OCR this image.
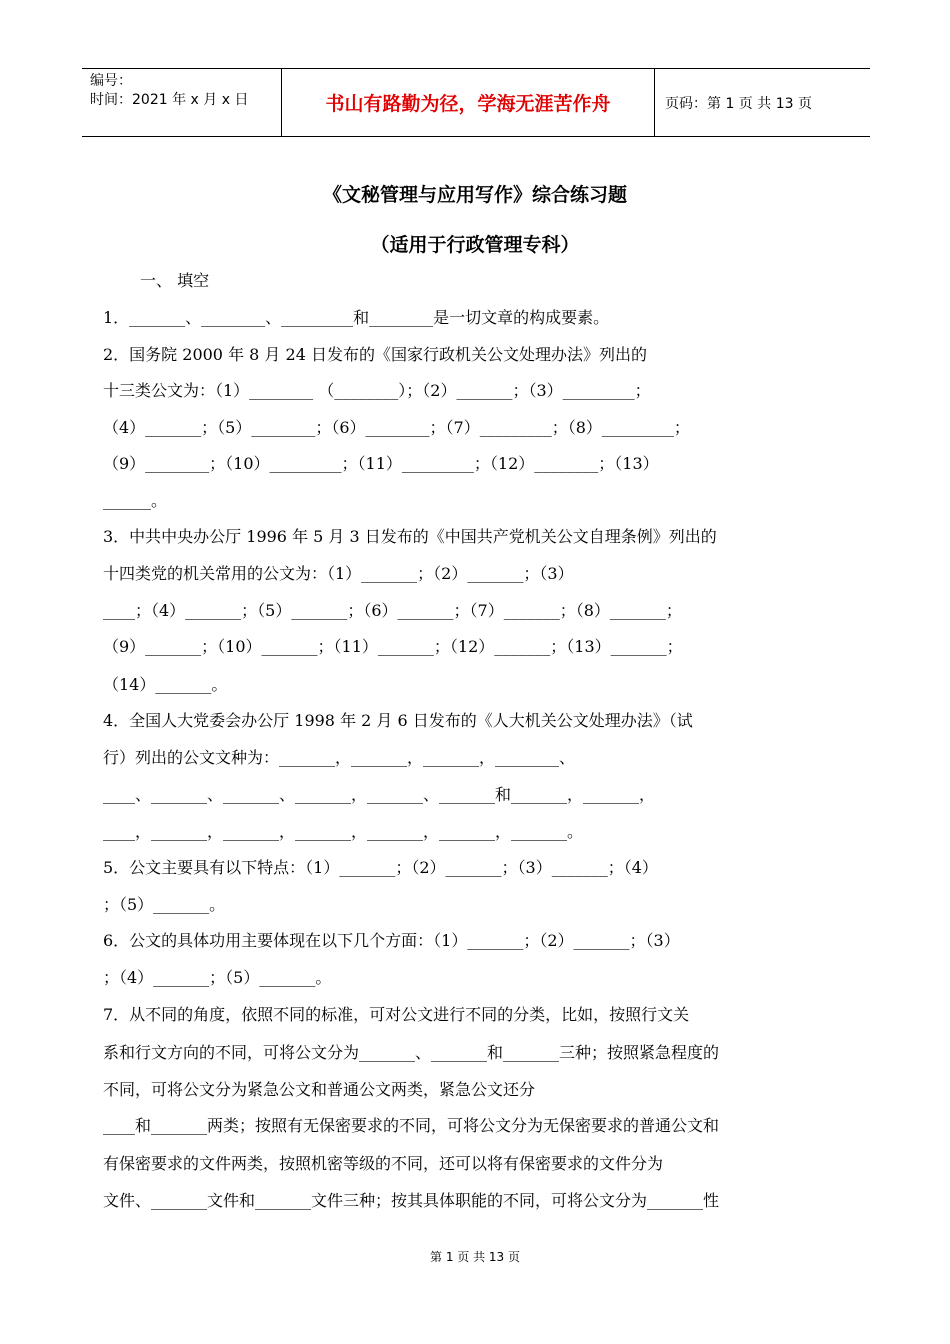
编号：
时间：2021 年 x 月 x 日	书山有路勤为径，学海无涯苦作舟	页码：第 1 页 共 13 页
《文秘管理与应用写作》综合练习题
（适用于行政管理专科）
一、 填空
1．_______、________、_________和________是一切文章的构成要素。
2．国务院 2000 年 8 月 24 日发布的《国家行政机关公文处理办法》列出的
十三类公文为：（1）________ （________）；（2）_______；（3）_________；
（4）_______；（5）________；（6）________；（7）_________；（8）_________；
（9）________；（10）_________；（11）_________；（12）________；（13）
______。
3．中共中央办公厅 1996 年 5 月 3 日发布的《中国共产党机关公文自理条例》列出的
十四类党的机关常用的公文为：（1）_______；（2）_______；（3）
____；（4）_______；（5）_______；（6）_______；（7）_______；（8）_______；
（9）_______；（10）_______；（11）_______；（12）_______；（13）_______；
（14）_______。
4．全国人大党委会办公厅 1998 年 2 月 6 日发布的《人大机关公文处理办法》（试
行）列出的公文文种为：_______，_______，_______，________、
____、_______、_______、_______，_______、_______和_______，_______，
____，_______，_______，_______，_______，_______，_______。
5．公文主要具有以下特点：（1）_______；（2）_______；（3）_______；（4）
；（5）_______。
6．公文的具体功用主要体现在以下几个方面：（1）_______；（2）_______；（3）
；（4）_______；（5）_______。
7．从不同的角度，依照不同的标准，可对公文进行不同的分类，比如，按照行文关
系和行文方向的不同，可将公文分为_______、_______和_______三种；按照紧急程度的
不同，可将公文分为紧急公文和普通公文两类，紧急公文还分
____和_______两类；按照有无保密要求的不同，可将公文分为无保密要求的普通公文和
有保密要求的文件两类，按照机密等级的不同，还可以将有保密要求的文件分为
文件、_______文件和_______文件三种；按其具体职能的不同，可将公文分为_______性
第 1 页 共 13 页
